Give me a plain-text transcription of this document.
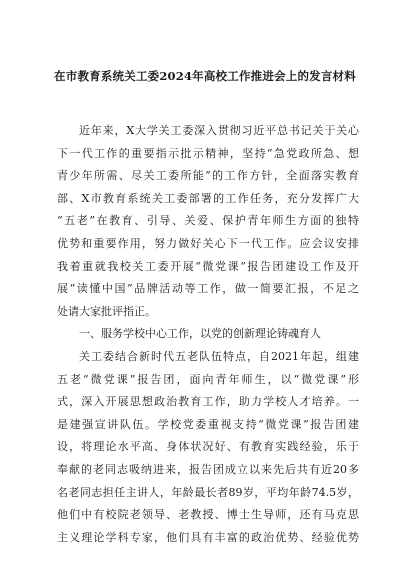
在市教育系统关工委2024年高校工作推进会上的发言材料
近年来，X大学关工委深入贯彻习近平总书记关于关心
下一代工作的重要指示批示精神，坚持“急党政所急、想
青少年所需、尽关工委所能”的工作方针，全面落实教育
部、X市教育系统关工委部署的工作任务，充分发挥广大
“五老”在教育、引导、关爱、保护青年师生方面的独特
优势和重要作用，努力做好关心下一代工作。应会议安排
我着重就我校关工委开展“微党课”报告团建设工作及开
展“读懂中国”品牌活动等工作，做一简要汇报，不足之
处请大家批评指正。
一、服务学校中心工作，以党的创新理论铸魂育人
关工委结合新时代五老队伍特点，自2021年起，组建
五老“微党课”报告团，面向青年师生，以“微党课”形
式，深入开展思想政治教育工作，助力学校人才培养。一
是建强宣讲队伍。学校党委重视支持“微党课”报告团建
设，将理论水平高、身体状况好、有教育实践经验，乐于
奉献的老同志吸纳进来，报告团成立以来先后共有近20多
名老同志担任主讲人，年龄最长者89岁，平均年龄74.5岁，
他们中有校院老领导、老教授、博士生导师，还有马克思
主义理论学科专家，他们具有丰富的政治优势、经验优势
